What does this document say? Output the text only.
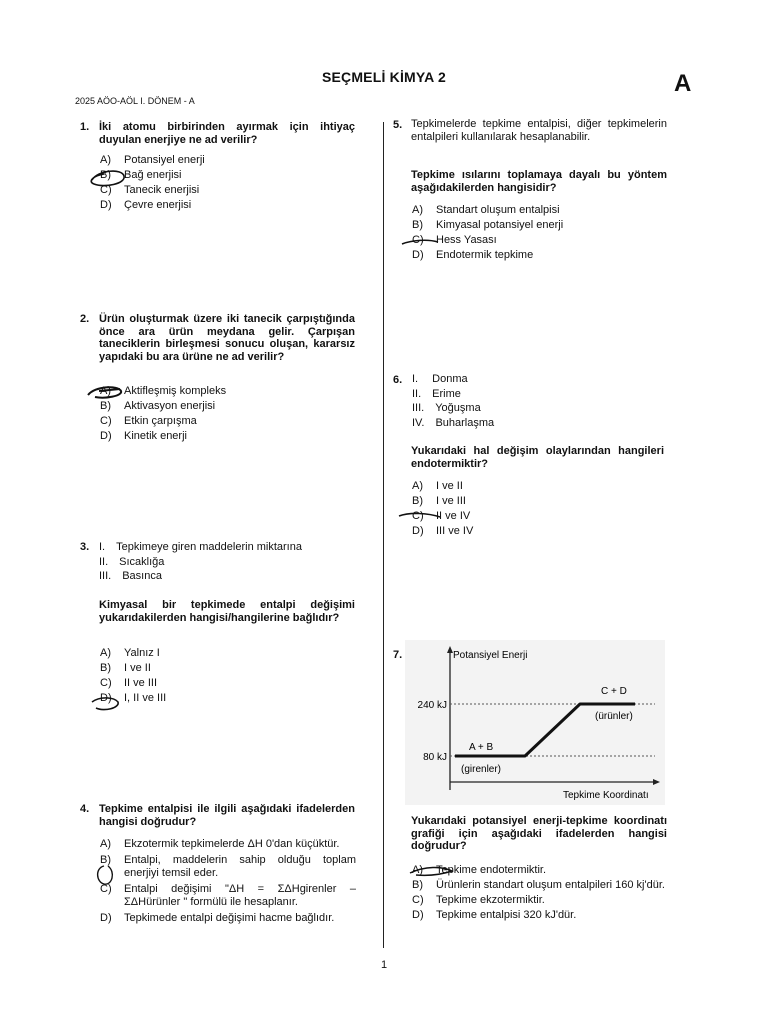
SEÇMELİ KİMYA 2	A
2025 AÖO-AÖL I. DÖNEM - A
1. İki atomu birbirinden ayırmak için ihtiyaç duyulan enerjiye ne ad verilir?
A)	Potansiyel enerji
B)	Bağ enerjisi
C)	Tanecik enerjisi
D)	Çevre enerjisi
2. Ürün oluşturmak üzere iki tanecik çarpıştığında önce ara ürün meydana gelir. Çarpışan taneciklerin birleşmesi sonucu oluşan, kararsız yapıdaki bu ara ürüne ne ad verilir?
A)	Aktifleşmiş kompleks
B)	Aktivasyon enerjisi
C)	Etkin çarpışma
D)	Kinetik enerji
3. I. Tepkimeye giren maddelerin miktarına
II. Sıcaklığa
III. Basınca
Kimyasal bir tepkimede entalpi değişimi yukarıdakilerden hangisi/hangilerine bağlıdır?
A)	Yalnız I
B)	I ve II
C)	II ve III
D)	I, II ve III
4. Tepkime entalpisi ile ilgili aşağıdaki ifadelerden hangisi doğrudur?
A)	Ekzotermik tepkimelerde ΔH 0'dan küçüktür.
B)	Entalpi, maddelerin sahip olduğu toplam enerjiyi temsil eder.
C)	Entalpi değişimi "ΔH = ΣΔHgirenler – ΣΔHürünler " formülü ile hesaplanır.
D)	Tepkimede entalpi değişimi hacme bağlıdır.
5. Tepkimelerde tepkime entalpisi, diğer tepkimelerin entalpileri kullanılarak hesaplanabilir.
Tepkime ısılarını toplamaya dayalı bu yöntem aşağıdakilerden hangisidir?
A)	Standart oluşum entalpisi
B)	Kimyasal potansiyel enerji
C)	Hess Yasası
D)	Endotermik tepkime
6. I.  Donma
II. Erime
III. Yoğuşma
IV. Buharlaşma
Yukarıdaki hal değişim olaylarından hangileri endotermiktir?
A)	I ve II
B)	I ve III
C)	II ve IV
D)	III ve IV
7.	Potansiyel Enerji
Tepkime Koordinatı
240 kJ
80 kJ
A + B
(girenler)
C + D
(ürünler)
Yukarıdaki potansiyel enerji-tepkime koordinatı grafiği için aşağıdaki ifadelerden hangisi doğrudur?
A)	Tepkime endotermiktir.
B)	Ürünlerin standart oluşum entalpileri 160 kj'dür.
C)	Tepkime ekzotermiktir.
D)	Tepkime entalpisi 320 kJ'dür.
1
